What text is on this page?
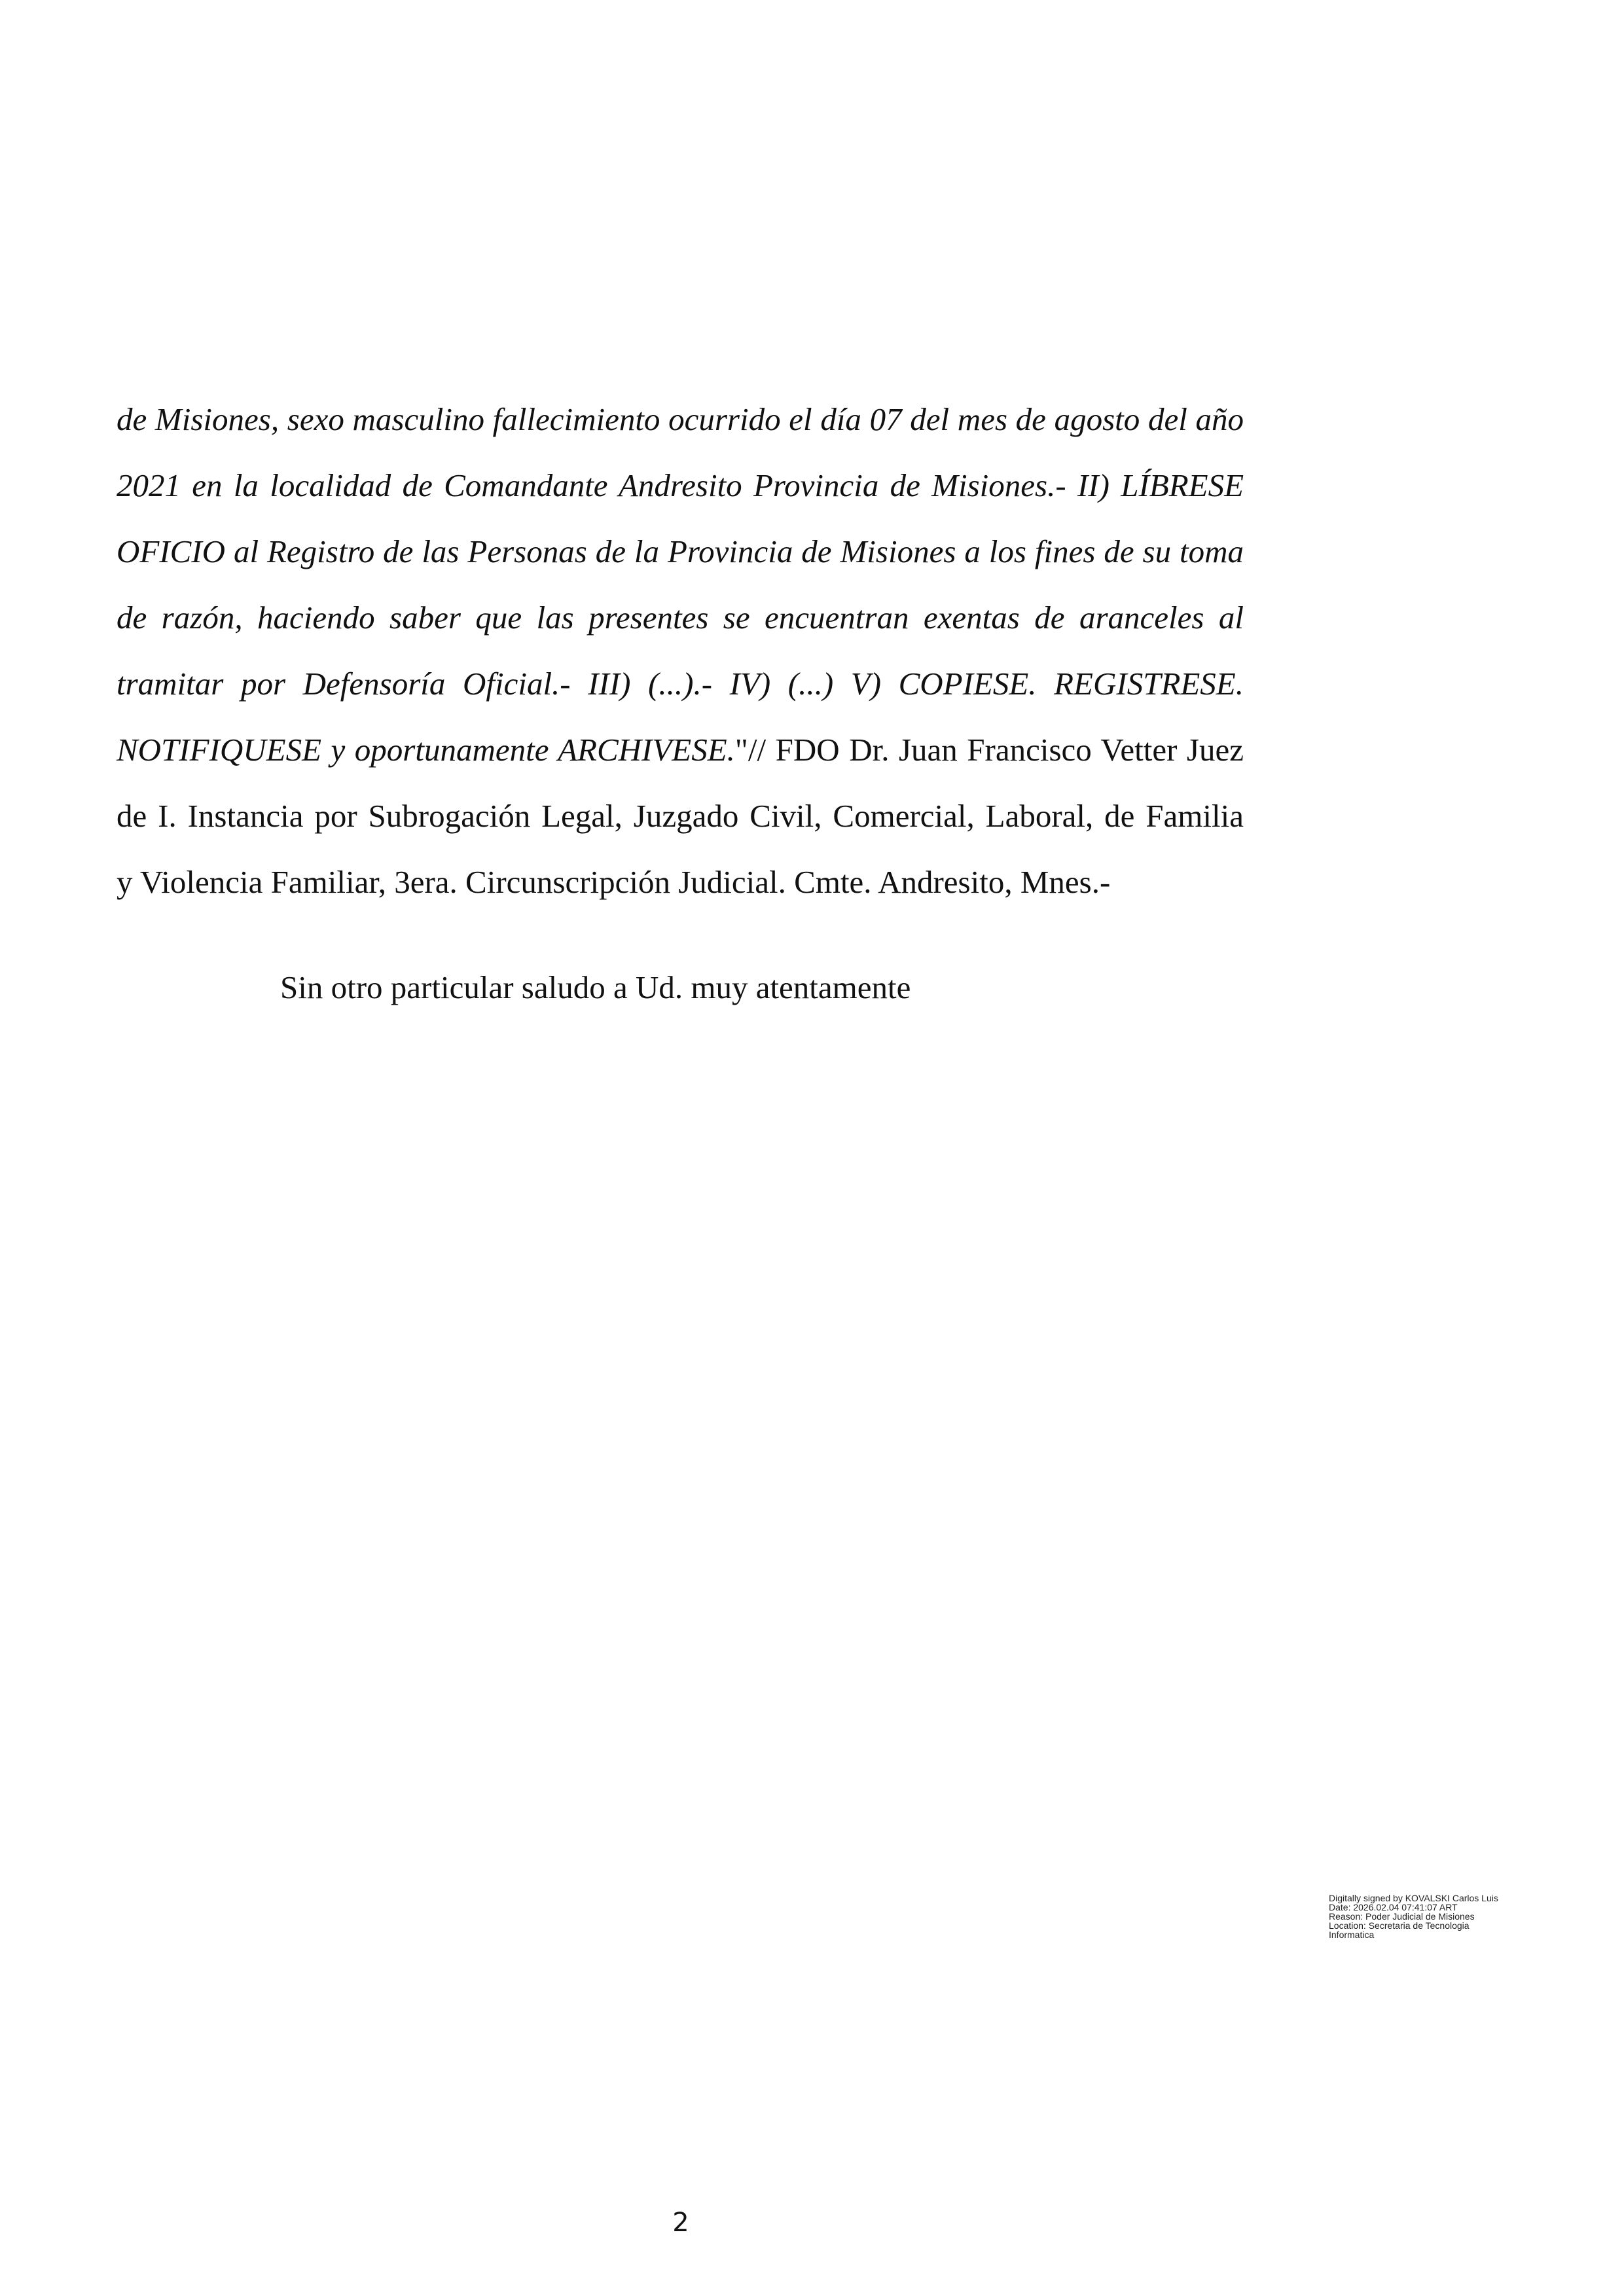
de Misiones, sexo masculino fallecimiento ocurrido el día 07 del mes de agosto del año
2021 en la localidad de Comandante Andresito Provincia de Misiones.- II) LÍBRESE
OFICIO al Registro de las Personas de la Provincia de Misiones a los fines de su toma
de razón, haciendo saber que las presentes se encuentran exentas de aranceles al
tramitar por Defensoría Oficial.- III) (...).- IV) (...) V) COPIESE. REGISTRESE.
NOTIFIQUESE y oportunamente ARCHIVESE."// FDO Dr. Juan Francisco Vetter Juez
de I. Instancia por Subrogación Legal, Juzgado Civil, Comercial, Laboral, de Familia
y Violencia Familiar, 3era. Circunscripción Judicial. Cmte. Andresito, Mnes.-
Sin otro particular saludo a Ud. muy atentamente
Digitally signed by KOVALSKI Carlos Luis
Date: 2026.02.04 07:41:07 ART
Reason: Poder Judicial de Misiones
Location: Secretaria de Tecnologia
Informatica
2
